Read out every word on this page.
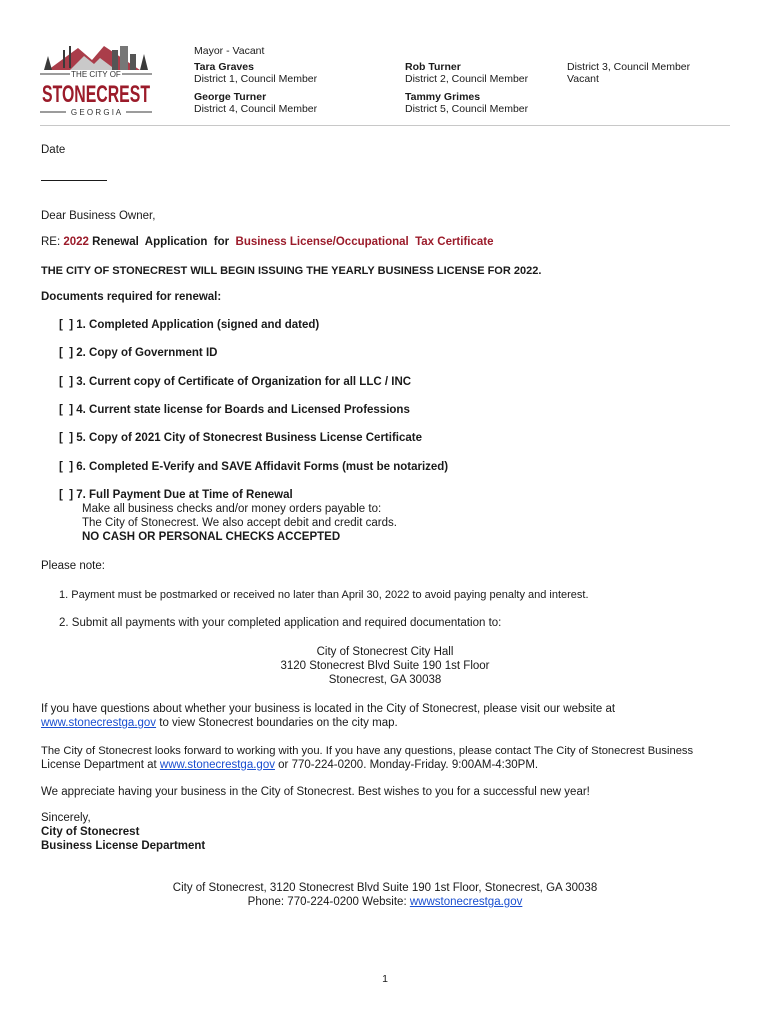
THE CITY OF
STONECREST
G E O R G I A
Mayor - Vacant
Tara Graves
District 1, Council Member
Rob Turner
District 2, Council Member
District 3, Council Member
Vacant
George Turner
District 4, Council Member
Tammy Grimes
District 5, Council Member
Date
Dear Business Owner,
RE: 2022 Renewal  Application  for  Business License/Occupational  Tax Certificate
THE CITY OF STONECREST WILL BEGIN ISSUING THE YEARLY BUSINESS LICENSE FOR 2022.
Documents required for renewal:
[  ] 1. Completed Application (signed and dated)
[  ] 2. Copy of Government ID
[  ] 3. Current copy of Certificate of Organization for all LLC / INC
[  ] 4. Current state license for Boards and Licensed Professions
[  ] 5. Copy of 2021 City of Stonecrest Business License Certificate
[  ] 6. Completed E-Verify and SAVE Affidavit Forms (must be notarized)
[  ] 7. Full Payment Due at Time of Renewal
Make all business checks and/or money orders payable to:
The City of Stonecrest. We also accept debit and credit cards.
NO CASH OR PERSONAL CHECKS ACCEPTED
Please note:
1. Payment must be postmarked or received no later than April 30, 2022 to avoid paying penalty and interest.
2. Submit all payments with your completed application and required documentation to:
City of Stonecrest City Hall
3120 Stonecrest Blvd Suite 190 1st Floor
Stonecrest, GA 30038
If you have questions about whether your business is located in the City of Stonecrest, please visit our website at
www.stonecrestga.gov to view Stonecrest boundaries on the city map.
The City of Stonecrest looks forward to working with you. If you have any questions, please contact The City of Stonecrest Business
License Department at www.stonecrestga.gov or 770-224-0200. Monday-Friday. 9:00AM-4:30PM.
We appreciate having your business in the City of Stonecrest. Best wishes to you for a successful new year!
Sincerely,
City of Stonecrest
Business License Department
City of Stonecrest, 3120 Stonecrest Blvd Suite 190 1st Floor, Stonecrest, GA 30038
Phone: 770-224-0200 Website: wwwstonecrestga.gov
1
